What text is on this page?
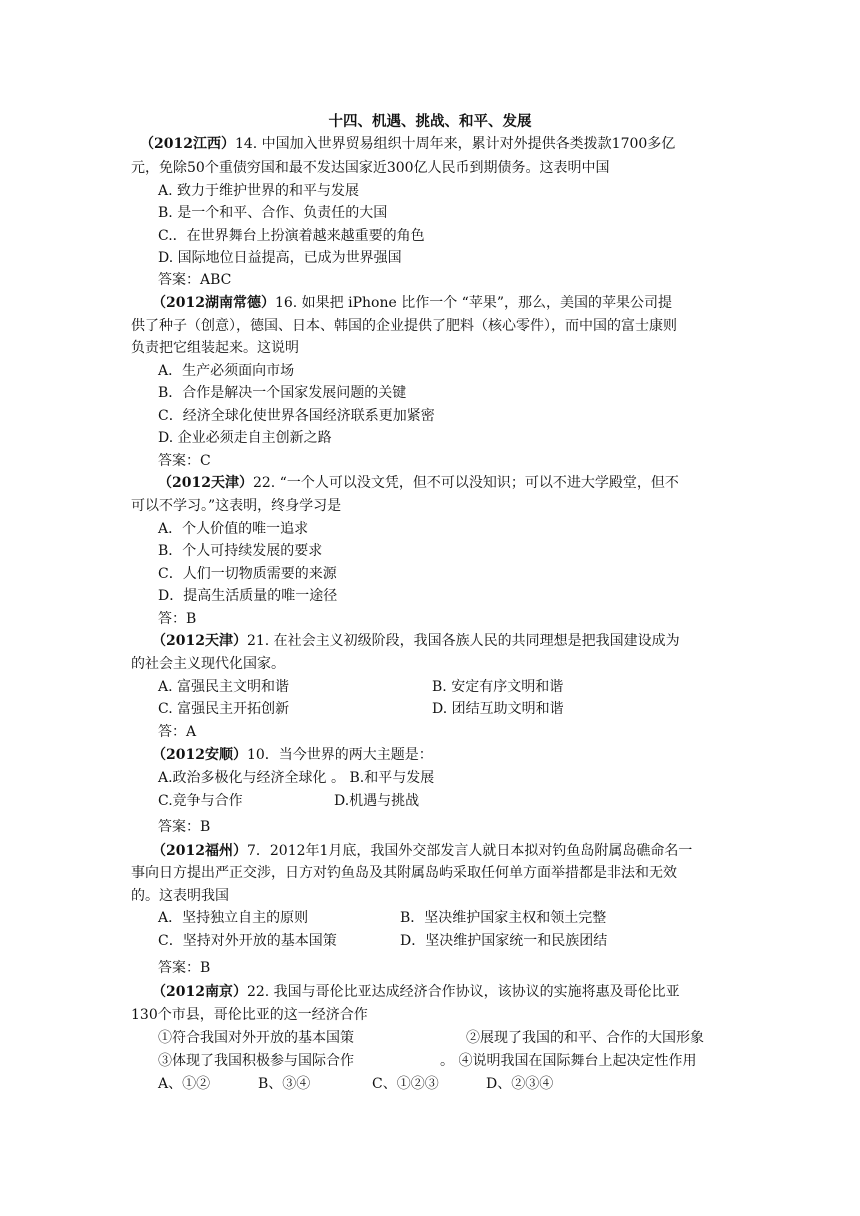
十四、机遇、挑战、和平、发展
（2012江西）14. 中国加入世界贸易组织十周年来，累计对外提供各类拨款1700多亿
元，免除50个重债穷国和最不发达国家近300亿人民币到期债务。这表明中国
A. 致力于维护世界的和平与发展
B. 是一个和平、合作、负责任的大国
C.．在世界舞台上扮演着越来越重要的角色
D. 国际地位日益提高，已成为世界强国
答案：ABC
（2012湖南常德）16. 如果把 iPhone 比作一个 “苹果”，那么，美国的苹果公司提
供了种子（创意），德国、日本、韩国的企业提供了肥料（核心零件），而中国的富士康则
负责把它组装起来。这说明
A．生产必须面向市场
B．合作是解决一个国家发展问题的关键
C．经济全球化使世界各国经济联系更加紧密
D. 企业必须走自主创新之路
答案：C
（2012天津）22. “一个人可以没文凭，但不可以没知识；可以不进大学殿堂，但不
可以不学习。”这表明，终身学习是
A．个人价值的唯一追求
B．个人可持续发展的要求
C．人们一切物质需要的来源
D．提高生活质量的唯一途径
答：B
（2012天津）21. 在社会主义初级阶段，我国各族人民的共同理想是把我国建设成为
的社会主义现代化国家。
A. 富强民主文明和谐	B. 安定有序文明和谐
C. 富强民主开拓创新	D. 团结互助文明和谐
答：A
（2012安顺）10．当今世界的两大主题是：
A.政治多极化与经济全球化 。 B.和平与发展
C.竞争与合作	D.机遇与挑战
答案：B
（2012福州）7．2012年1月底，我国外交部发言人就日本拟对钓鱼岛附属岛礁命名一
事向日方提出严正交涉，日方对钓鱼岛及其附属岛屿采取任何单方面举措都是非法和无效
的。这表明我国
A．坚持独立自主的原则	B．坚决维护国家主权和领土完整
C．坚持对外开放的基本国策	D．坚决维护国家统一和民族团结
答案：B
（2012南京）22. 我国与哥伦比亚达成经济合作协议，该协议的实施将惠及哥伦比亚
130个市县，哥伦比亚的这一经济合作
①符合我国对外开放的基本国策	②展现了我国的和平、合作的大国形象
③体现了我国积极参与国际合作	。 ④说明我国在国际舞台上起决定性作用
A、①②	B、③④	C、①②③	D、②③④
